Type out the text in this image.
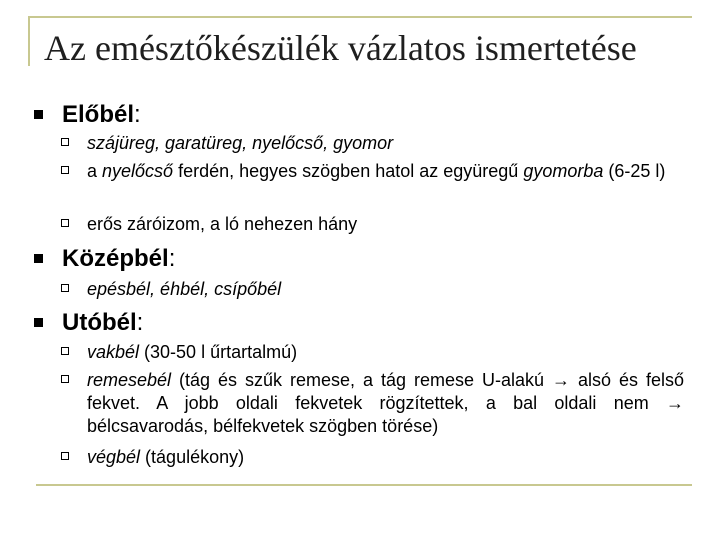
Az emésztőkészülék vázlatos ismertetése
Előbél:
szájüreg, garatüreg, nyelőcső, gyomor
a nyelőcső ferdén, hegyes szögben hatol az együregű gyomorba (6-25 l)
erős záróizom, a ló nehezen hány
Középbél:
epésbél, éhbél, csípőbél
Utóbél:
vakbél (30-50 l űrtartalmú)
remesebél (tág és szűk remese, a tág remese U-alakú → alsó és felső fekvet. A jobb oldali fekvetek rögzítettek, a bal oldali nem → bélcsavarodás, bélfekvetek szögben törése)
végbél (tágulékony)
